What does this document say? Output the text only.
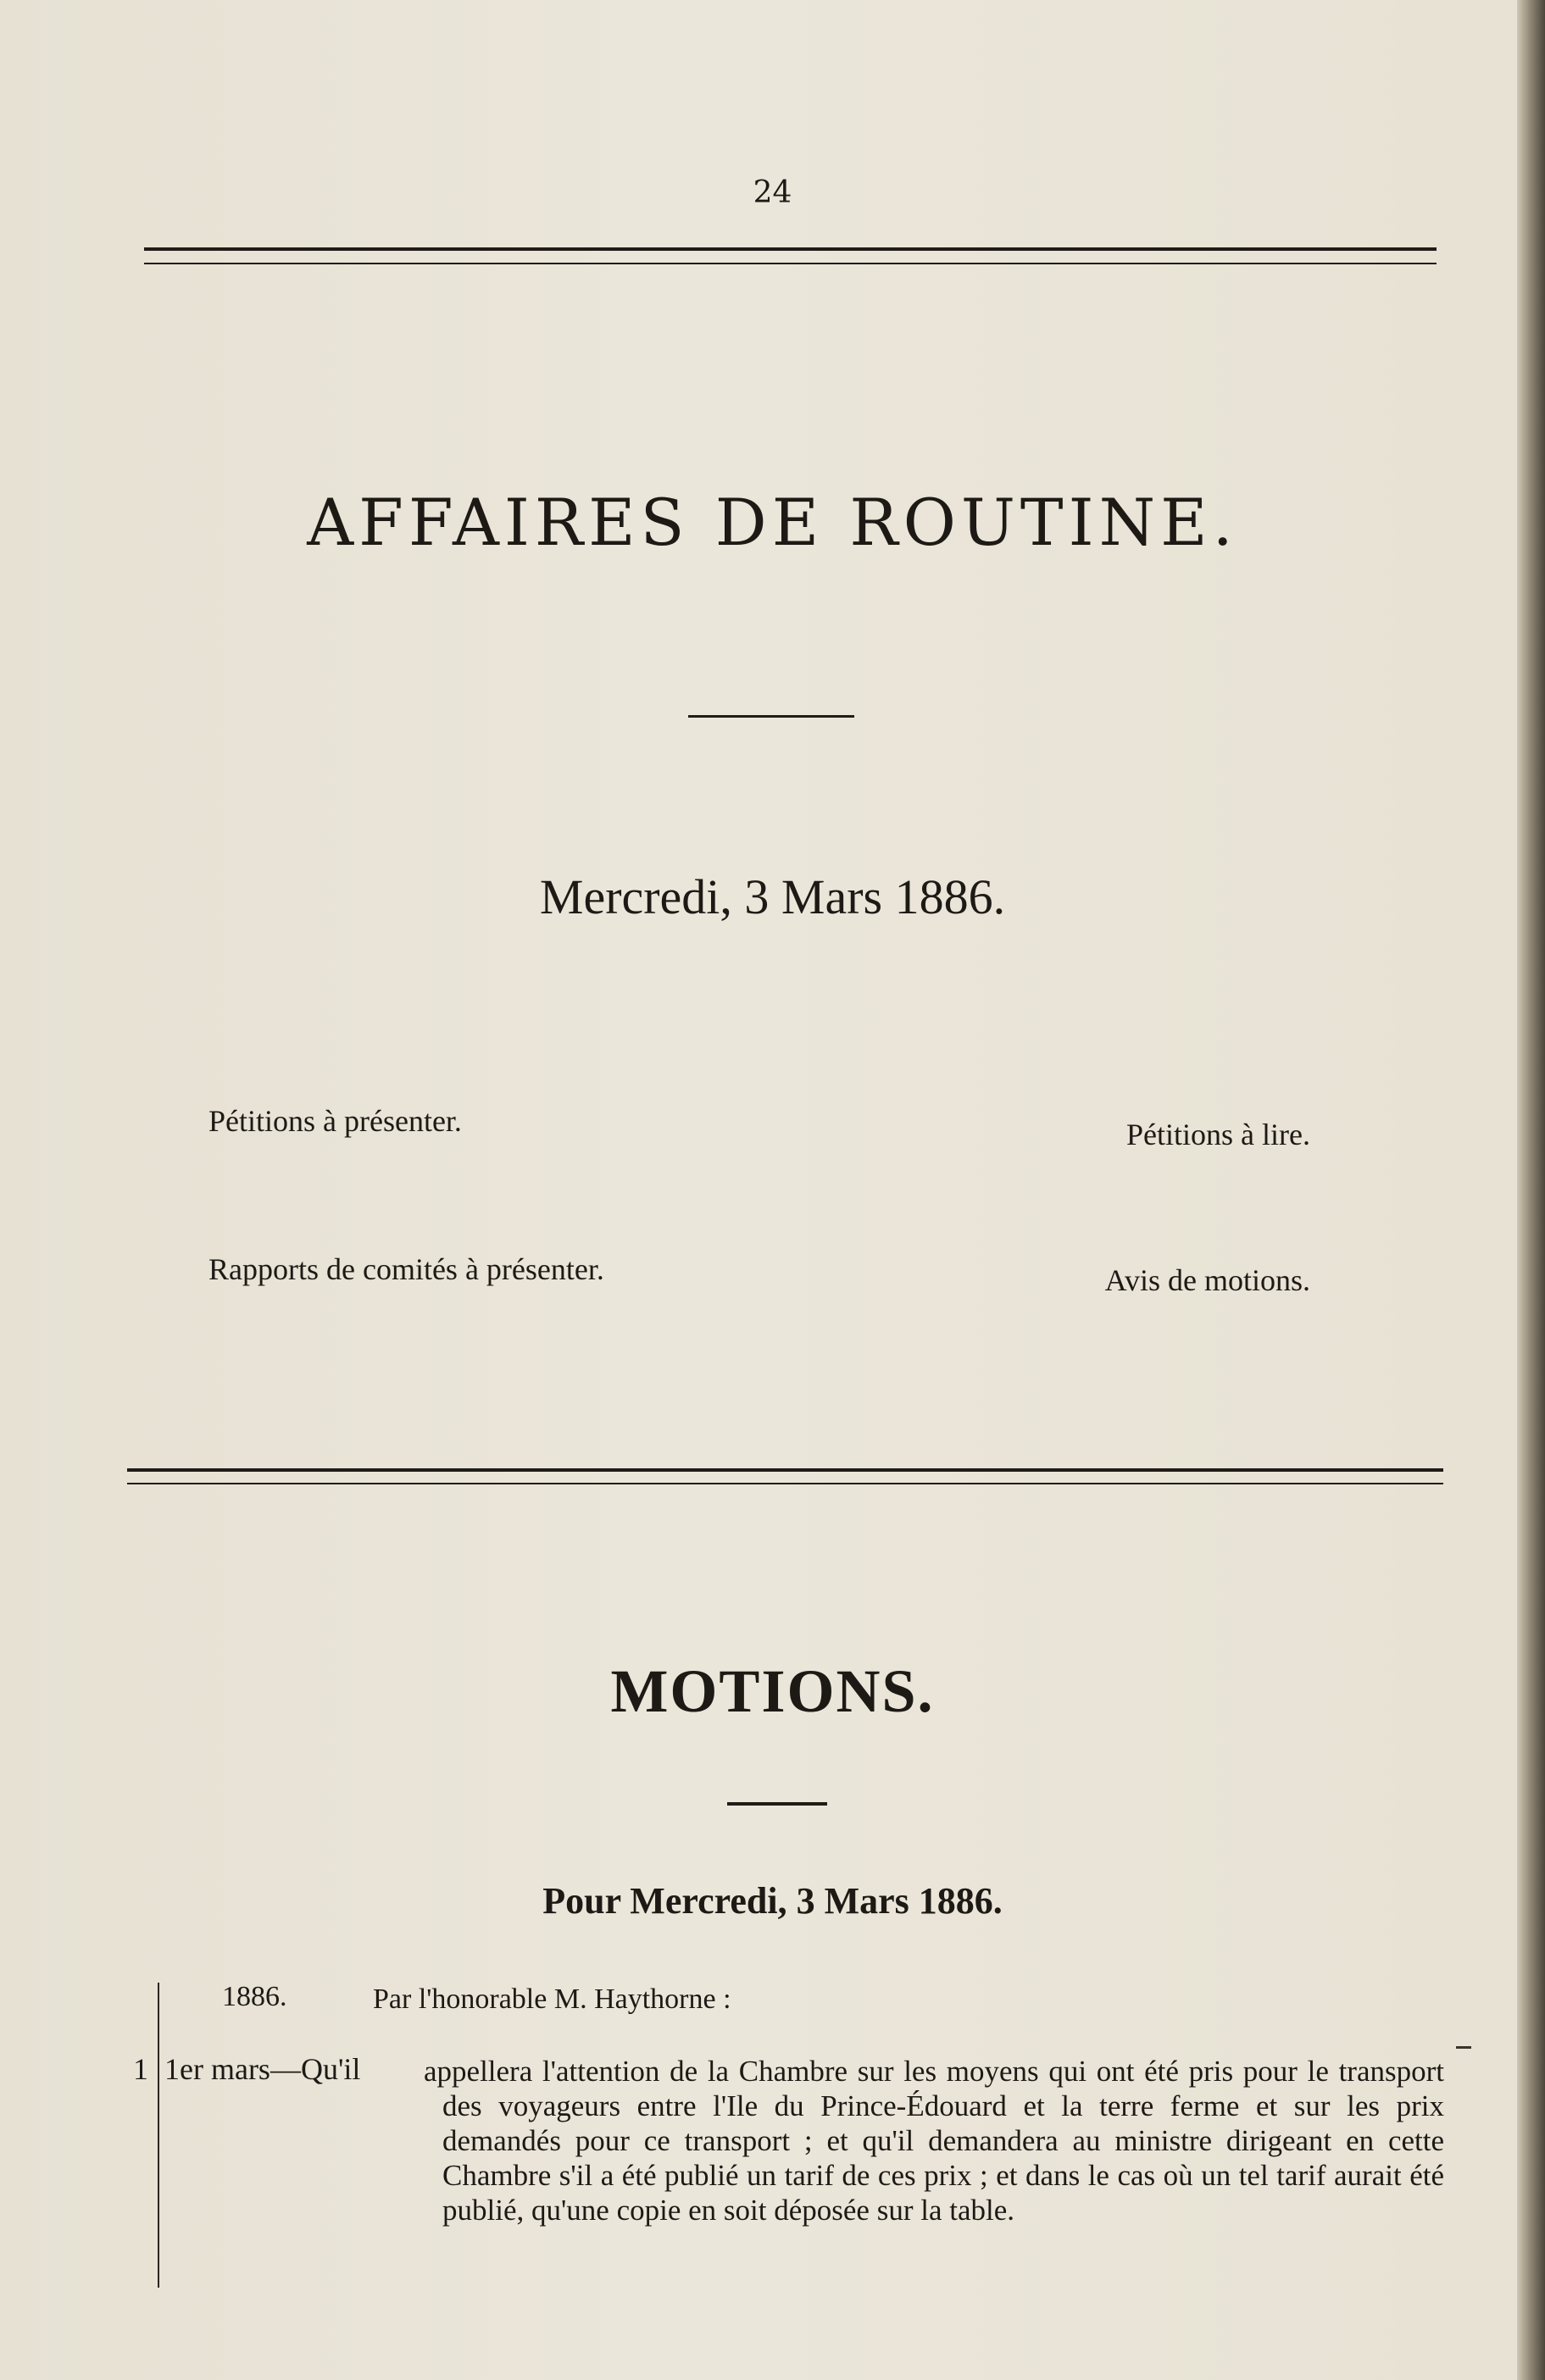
24
AFFAIRES DE ROUTINE.
Mercredi, 3 Mars 1886.
Pétitions à présenter.	Pétitions à lire.
Rapports de comités à présenter.	Avis de motions.
MOTIONS.
Pour Mercredi, 3 Mars 1886.
1886.	Par l'honorable M. Haythorne :
1 1er mars—Qu'il appellera l'attention de la Chambre sur les moyens qui ont été pris pour le transport des voyageurs entre l'Ile du Prince-Édouard et la terre ferme et sur les prix demandés pour ce transport ; et qu'il demandera au ministre dirigeant en cette Chambre s'il a été publié un tarif de ces prix ; et dans le cas où un tel tarif aurait été publié, qu'une copie en soit déposée sur la table.
